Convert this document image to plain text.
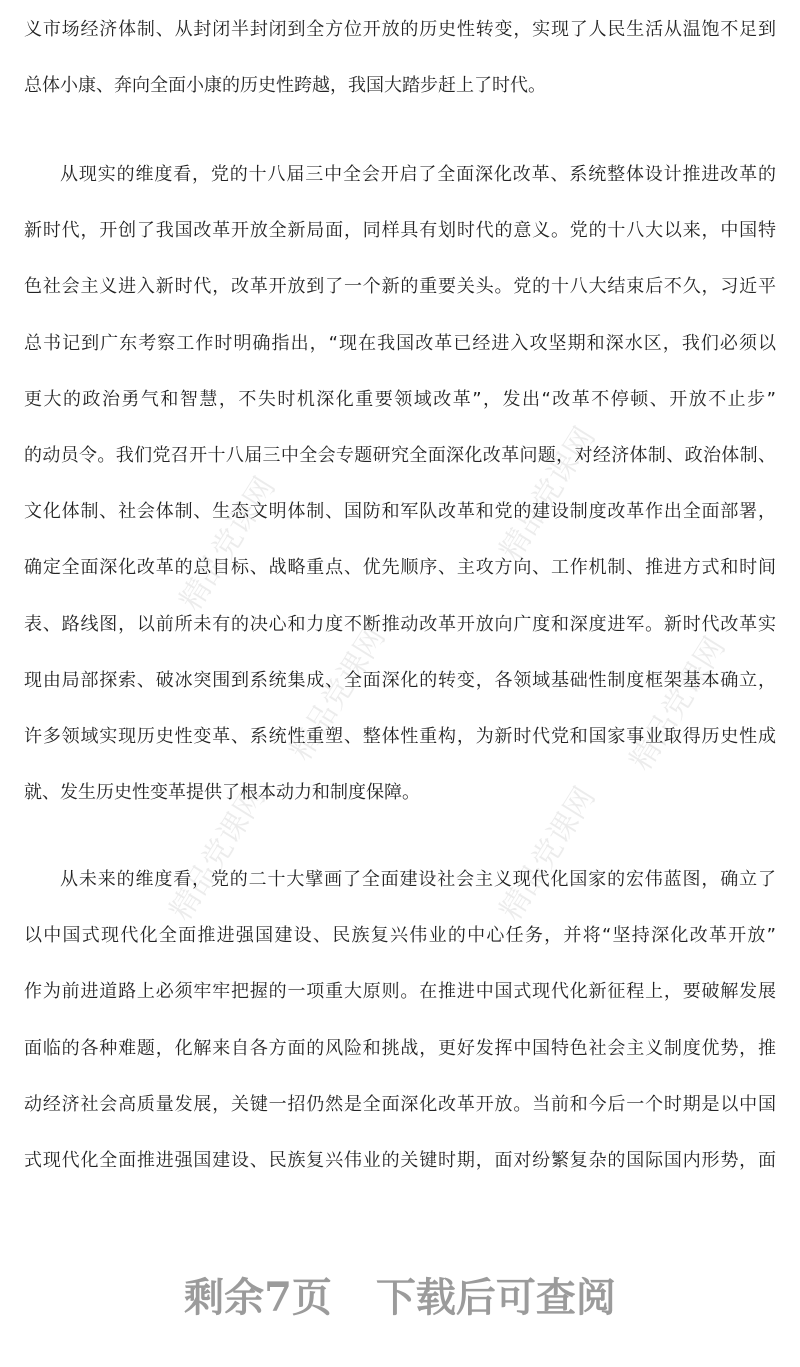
精品党课网	精品党课网
精品党课网	精品党课网
精品党课网	精品党课网
义市场经济体制、从封闭半封闭到全方位开放的历史性转变，实现了人民生活从温饱不足到
总体小康、奔向全面小康的历史性跨越，我国大踏步赶上了时代。
从现实的维度看，党的十八届三中全会开启了全面深化改革、系统整体设计推进改革的
新时代，开创了我国改革开放全新局面，同样具有划时代的意义。党的十八大以来，中国特
色社会主义进入新时代，改革开放到了一个新的重要关头。党的十八大结束后不久，习近平
总书记到广东考察工作时明确指出，“现在我国改革已经进入攻坚期和深水区，我们必须以
更大的政治勇气和智慧，不失时机深化重要领域改革”，发出“改革不停顿、开放不止步”
的动员令。我们党召开十八届三中全会专题研究全面深化改革问题，对经济体制、政治体制、
文化体制、社会体制、生态文明体制、国防和军队改革和党的建设制度改革作出全面部署，
确定全面深化改革的总目标、战略重点、优先顺序、主攻方向、工作机制、推进方式和时间
表、路线图，以前所未有的决心和力度不断推动改革开放向广度和深度进军。新时代改革实
现由局部探索、破冰突围到系统集成、全面深化的转变，各领域基础性制度框架基本确立，
许多领域实现历史性变革、系统性重塑、整体性重构，为新时代党和国家事业取得历史性成
就、发生历史性变革提供了根本动力和制度保障。
从未来的维度看，党的二十大擘画了全面建设社会主义现代化国家的宏伟蓝图，确立了
以中国式现代化全面推进强国建设、民族复兴伟业的中心任务，并将“坚持深化改革开放”
作为前进道路上必须牢牢把握的一项重大原则。在推进中国式现代化新征程上，要破解发展
面临的各种难题，化解来自各方面的风险和挑战，更好发挥中国特色社会主义制度优势，推
动经济社会高质量发展，关键一招仍然是全面深化改革开放。当前和今后一个时期是以中国
式现代化全面推进强国建设、民族复兴伟业的关键时期，面对纷繁复杂的国际国内形势，面
剩余7页 下载后可查阅
